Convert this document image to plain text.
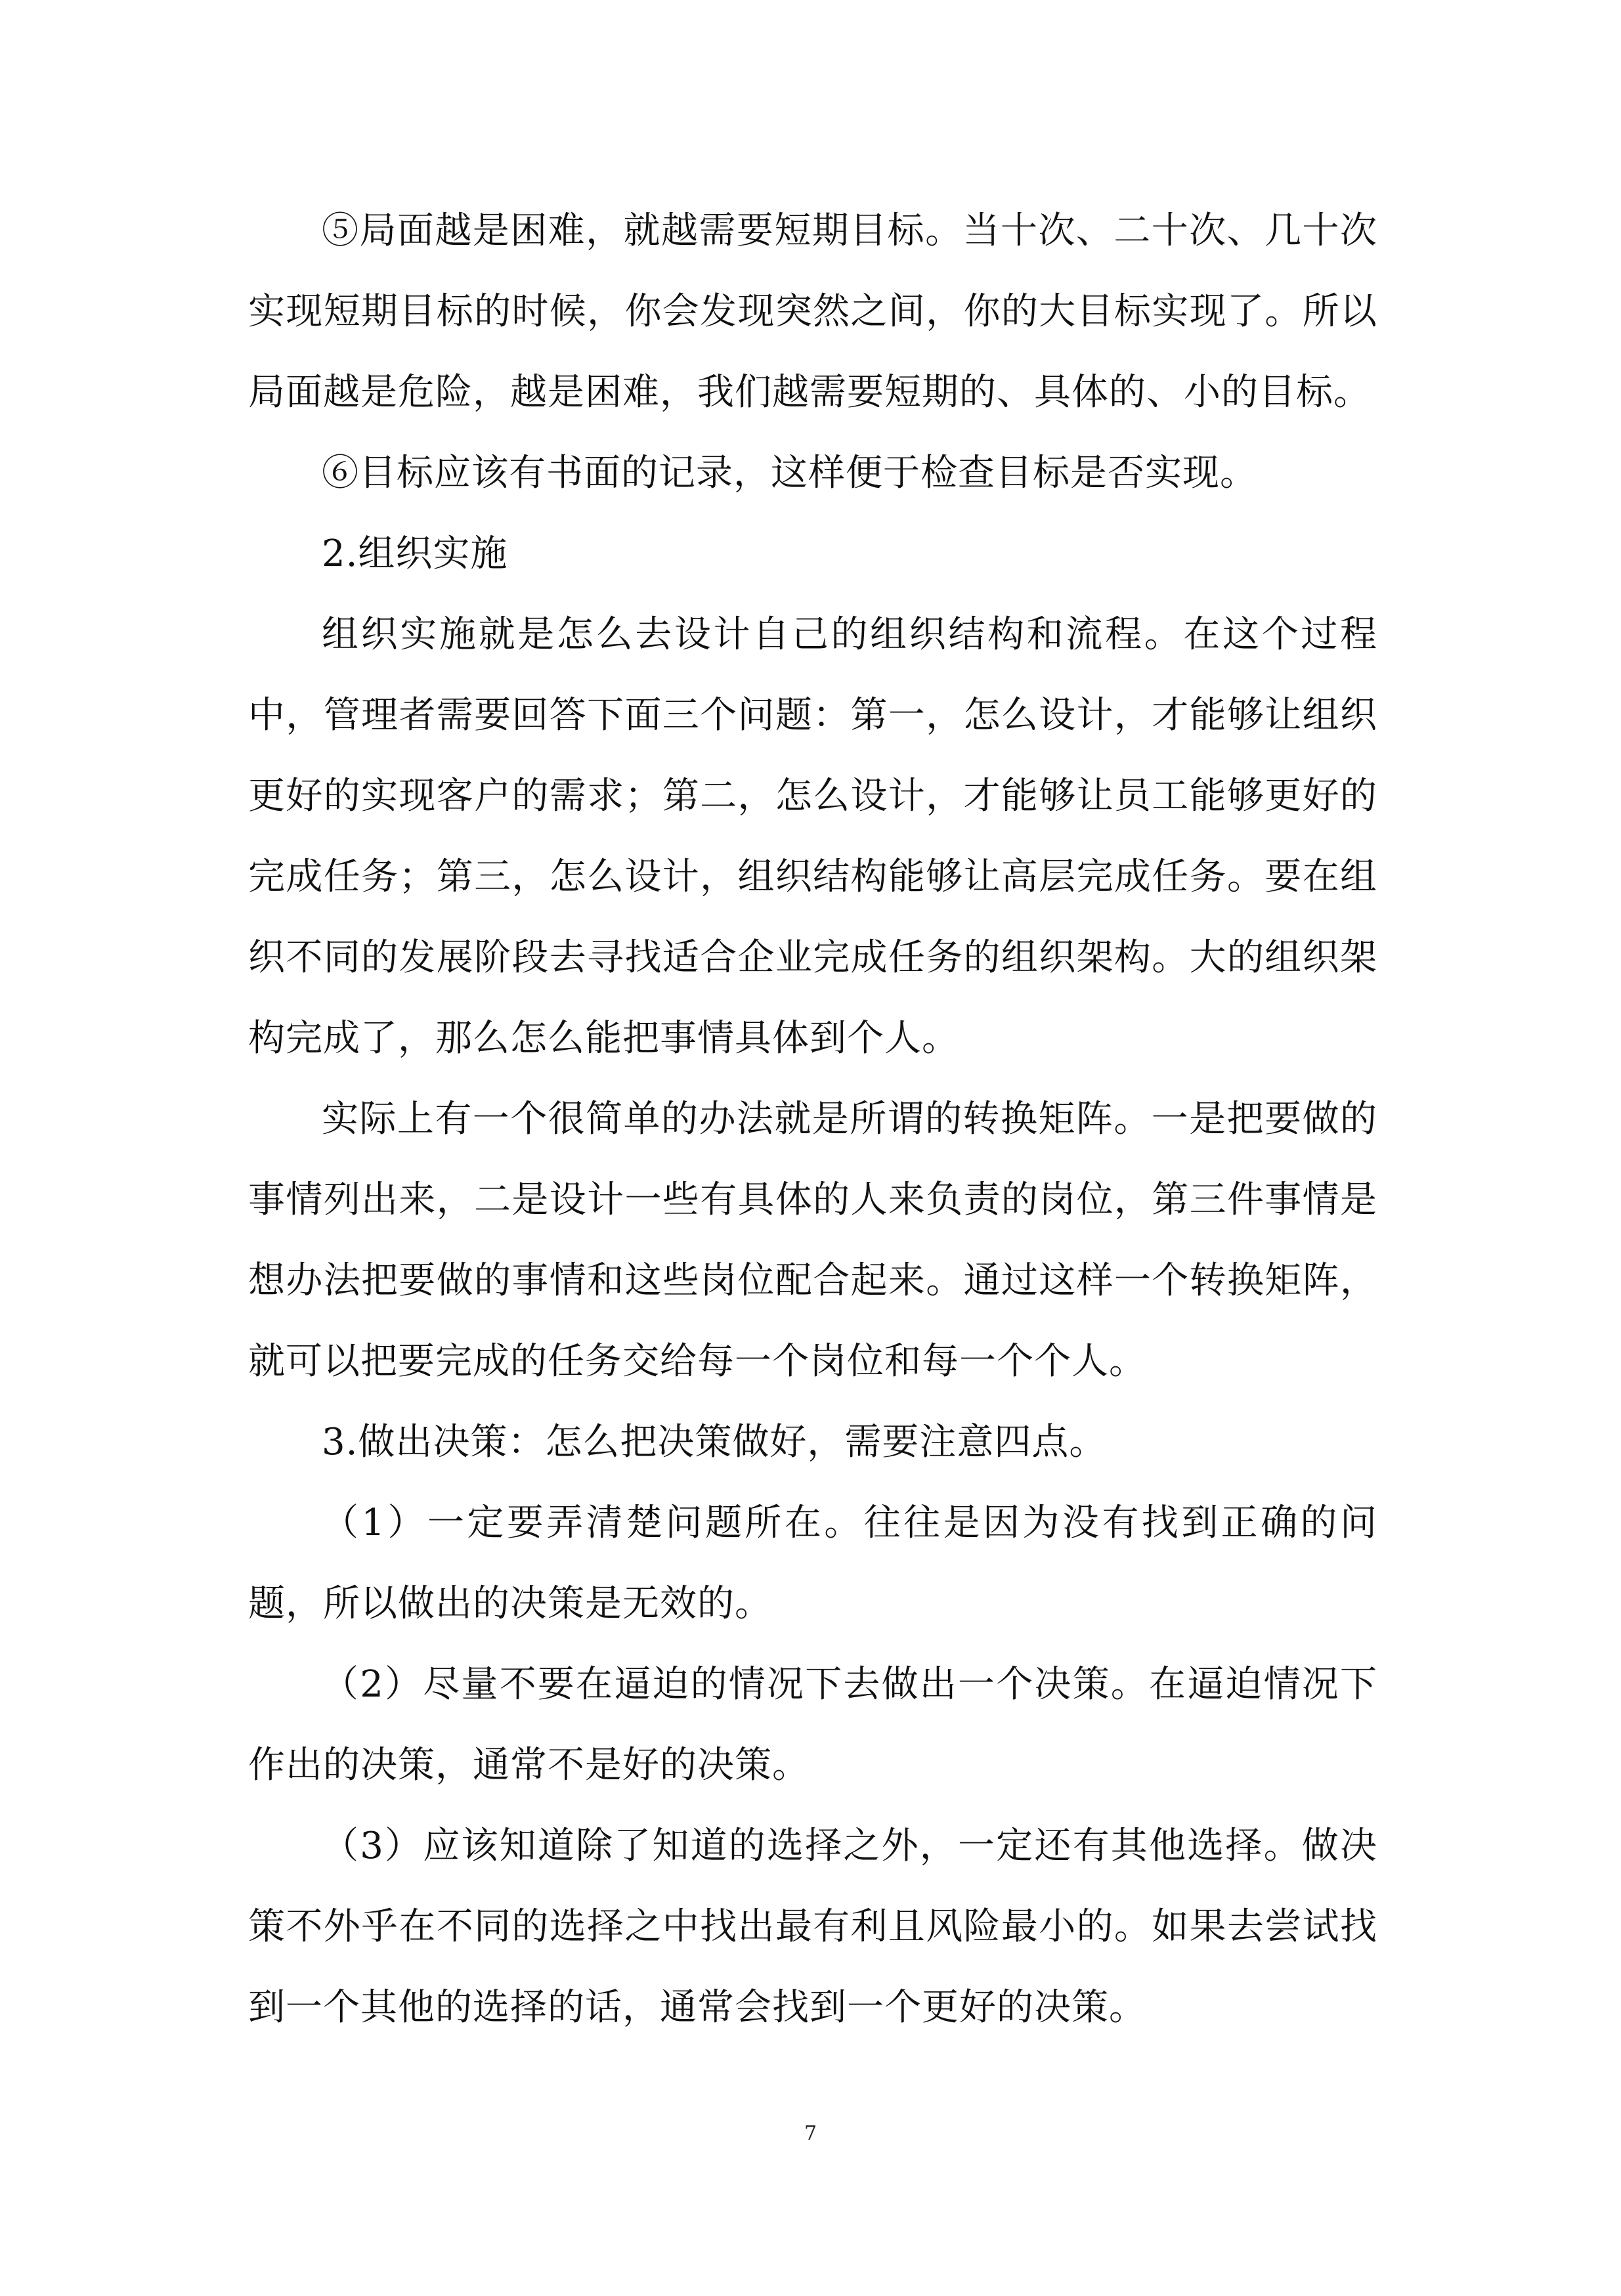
⑤局面越是困难，就越需要短期目标。当十次、二十次、几十次实现短期目标的时候，你会发现突然之间，你的大目标实现了。所以局面越是危险，越是困难，我们越需要短期的、具体的、小的目标。

⑥目标应该有书面的记录，这样便于检查目标是否实现。

2.组织实施

组织实施就是怎么去设计自己的组织结构和流程。在这个过程中，管理者需要回答下面三个问题：第一，怎么设计，才能够让组织更好的实现客户的需求；第二，怎么设计，才能够让员工能够更好的完成任务；第三，怎么设计，组织结构能够让高层完成任务。要在组织不同的发展阶段去寻找适合企业完成任务的组织架构。大的组织架构完成了，那么怎么能把事情具体到个人。

实际上有一个很简单的办法就是所谓的转换矩阵。一是把要做的事情列出来，二是设计一些有具体的人来负责的岗位，第三件事情是想办法把要做的事情和这些岗位配合起来。通过这样一个转换矩阵，就可以把要完成的任务交给每一个岗位和每一个个人。

3.做出决策：怎么把决策做好，需要注意四点。

（1）一定要弄清楚问题所在。往往是因为没有找到正确的问题，所以做出的决策是无效的。

（2）尽量不要在逼迫的情况下去做出一个决策。在逼迫情况下作出的决策，通常不是好的决策。

（3）应该知道除了知道的选择之外，一定还有其他选择。做决策不外乎在不同的选择之中找出最有利且风险最小的。如果去尝试找到一个其他的选择的话，通常会找到一个更好的决策。

7
